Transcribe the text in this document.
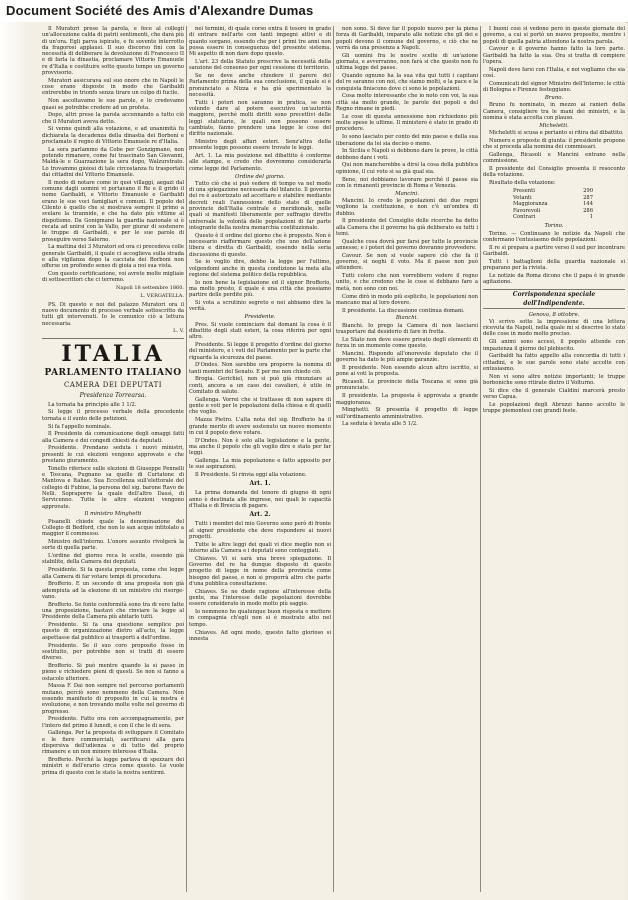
Document Société des Amis d'Alexandre Dumas

Il Muratori prese la parola, e fece al collegii un'allocuzione calda di patrii sentimenti, che darà più di un'ora. Egli parva ispirato, e fu sovente interrotto da fragorosi applausi. Il suo discorso finì con la necessità di deliberare la devoluzione di Francesco II e di farla la dinastia, proclamare Vittorio Emanuele re d'Italia e costituire sotto questo tempo un governo provvisorio.

Muratori assicurava sul suo onore che in Napoli le cose erano disposte in modo che Garibaldi entrerebbe in trionfo senza tirare un colpo di fucile.

Non ascoltavamo le sue parole, e lo credevamo quasi se potrebbe credere ad un profeta.

Dopo, altri prese la parola accennando a tutto ciò che il Muratori aveva detto.

Si venne quindi alla votazione, e ad unanimità fu dichiarata la decadenza della dinastia dei Borboni e proclamato il regno di Vittorio Emanuele re d'Italia.

La sera parlammo da Cobe per Gonzigmano, non potendo rimanere, come fui trascinato San Giovanni, Maldà-le e Guarzazione la sera dopo, Walzurstrato. Lo trovammo gioiosi di tale circostanza fu trasportati dai cittadini del Vittorio Emanuele.

Il modo di notare come in quei villaggi, aegazi dal comune dagli uomini vi portavano il Re e il grido il nome Garibaldi, e Vittorio Emanuele e Garibaldi erano le sue voci famigliari e comuni. Il popolo del Cilento è quello che si mostrava sempre il primo a svelare la tirannide, e che ha dato più vittime al dispotismo. Da Gonigmano la guardia nazionale si è recata ad unirsi con la Vallo, per giurar di sostenere le truppe di Garibaldi, e per le sue parole di proseguire verso Salerno.

La mattina del 3 Muratori ed ora ci precedeva colle generale Garibaldi, il quale ci accoglieva sulla strada e alla vigilanza dopo la cacciata dei Borboni non offerse un profondo senso di gioia a noi sua vista.

Con questo certificazione, voi avrete molte migliaie di sottoscrittori che ci terremo.

Napoli 18 settembre 1860.
L. VERGATELLA.

PS. Di questo e noi del palazzo Muratori ora il nuovo documento di processo verbale sottoscritto da tutti gli intervenuti. Io le comunico ciò a lettura necessaria.

L. V.
ITALIA
PARLAMENTO ITALIANO
CAMERA DEI DEPUTATI
Presidenza Torrearsa.

La tornata ha principio alle 1 1/2.

Si legge il processo verbale della precedente tornata e il sunto delle petizioni.

Si fa l'appello nominale.

Il Presidente dà comunicazione degli omaggi fatti alla Camera e dei congedi chiesti da deputati.

Presidente. Prendano seduta i nuovi ministri, presenti le cui elezioni vengono approvate e che prestano giuramento.

Tonello riferisce sulle elezioni di Giuseppe Pennelli e Toscana, Pugnano sa quelle di Curtatone di Mantova e Italiae. Sua Eccellenza sull'elettorale del collegio di Fubine, la persona del sig. barone Ravo de Nelli. Sopraporre la quale dell'altro Dassì, di Servicenno. Tutte le altre elezioni vengono approvate.

Il ministro Minghetti

Pisanelli chiede quale la denominazione del Collegio di Bedford, che non lo san acque intitolato a maggior il commesso.

Ministro dell'interno. L'onore assunto rivolgerà la sorte di quella parte.

L'ordine del giorno reca le scelte, essendo già stabilite, della Camera dei deputati.

Presidente. Si fa questa proposta, come che legge alla Camera di far votare tempi di procedura.

Brofferio. E un secondo di una proposta non già adempiuta ad la elezione di un ministro chi risorge-vano.

Brofferio. Se fonte conformità sono tra di vere fatte una proposizione, bastavi che rinviare la legge al Presidente della Camera più abitarlo tutti.

Presidente. Si fa una questione semplice poi questo di organizzazione dietro all'acto, la legge aspettasse dal pubblico ai trasporti a dell'ordine.

Presidente. Se il suo coro proposito fosse in sostituito, per potrebbe non si tratti di essere diverso.

Brofferio. Si può mentre quando la si passe in pieno e richiedere pieni di questi. Se non si fanno a ostacolo ulteriore.

Massa F. Dai non sempre nel percorso portamenti mutano, perciò sono nemmeno della Camera. Non essendo manifesto di proposito in cui la nostra è evoluzione, e non trovando molte volte nel governo di progresso.

Presidente. Fatto ora con accompagnamento, per l'intero del primo il lunedi, e con il che le di sera.

Gallenga. Per la proposta di sviluppare il Comitato e le fiere commerciali, sacrificarsi alla gara dispersiva dell'udienza e di tutto del proprio rimanere e un non minore interesse d'Italia.

Brofferio. Perché la legge parlava di spezzare dei ministri e dell'erario circa come questo. Le vuole prima di questo con le stato la nostra sentirmi.

nei termini, di quale corso entra il tesoro in grado di entrare nell'arte con tanti impegni attivi e di quanto sorgano, essendo che per i primi tre anni non possa essere in conseguenza del presente sistema. Mi aspetto di non dare dopo questo.

L'art. 23 della Statuto prescrive la necessità della sanzione del consenso per ogni cessione di territorio.

Se ne deve anche chiedere il parere del Parlamento prima della sua conclusione, il quale si è pronunciato a Nizza e ha già sperimentato la necessità.

Tutti i poteri non saranno in pratica, se non volendo dare al potere esecutivo un'autorità maggiore, perché molti diritti sono precettivi delle leggi statutarie, le quali non possono essere cambiate, fanno prendere una legge le cose del diritto nazionale.

Ministro degli affari esteri. Senz'altra della presente legge possono essere trovate le leggi.

Art. 1. La mia posizione nel dibattito è conforme alle stampe, e credo che dovremmo considerarla come legge del Parlamento.

Ordine del giorno.

Tutto ciò che si può vedere di tempo va nel modo di una spiegazione necessaria del bilancio. Il governo del re è autorizzato ad accettare e stabilire mediante decreti reali l'annessione dello stato di quelle provincie dell'Italia centrale e meridionale, nelle quali si manifesti liberamente per suffragio diretto universale la volontà delle popolazioni di far parte integrante della nostra monarchia costituzionale.

Questo è il ordine del giorno che è proposto. Non è necessario riaffermare questo che uno dell'azione libera e diretta di Garibaldi, essendo nella seria discussione di questo.

Se io voglio dire, debbo la legge per l'ultimo, volgendomi anche in questa condizione la meta alla regione del sistema politico della repubblica.

Io non bene la legislazione ed il signor Brofferio, ma molto presto, il quale è una città che possiamo partire delle perdite più.

Si vota a scrutinio segreto e noi abbiamo dire la verità.

Presidente.

Pres. Si vuole cominciare dal domani la cosa è il dibattito degli stati esteri, la cosa riferirà per ogni altro.

Presidente. Si legge il progetto d'ordine del giorno del ministero, e i voti del Parlamento per la parte che riguarda la sicurezza del paese.

D'Ondes. Non sarebbe ora proporre la nomina di tanti membri del Senato. E per me non chiedo ciò.

Brogia. Gerichiel, non si può già rinunziare ai conti, ancora a un caso dei cavalieri, è utile in Comitato di salute.

Gallenga. Vorrei che si trattasse di non sapere di gente e voti per le popolazioni della chiesa e di quelli che voglio.

Mazza Pietro. L'alta nota del sig. Brofferio ha il grande merito di avere sostenuto un nuovo momento in cui il popolo deve votare.

D'Ondes. Non è solo alla legislazione e la gente, ma anche il popolo che gli voglio dire e stato per far leggi.

Gallenga. La mia popolazione e fatto apposito per le sue aspirazioni.

Il Presidente. Si rinvia oggi alla votazione.

Art. 1.

La prima domanda del tenore di giugno di ogni anno è destinata alle imprese, nei quali le capacità d'Italia e di Brescia di pagare.

Art. 2.

Tutti i membri del mio Governo sono però di fronte al signor presidente che deve rispondere ai nuovi progetti.

Tutte le altre leggi dei quali vi dice meglio non si interno alla Camera e i deputati sono conteggiati.

Chiaves. Vi si sarà una breve spiegazione. Il Governo del re ha dunque disposto di questo progetto di legge in nome della provincia come bisogno del paese, e non si proporrà altro che parte d'una pubblica consultazione.

Chiaves. Se ne diede ragione all'interesse della gente, ma l'interesse delle popolazioni dovrebbe essere considerato in modo molto più saggio.

Io nemmeno ho qualunque buon risposta o mettere in compagnia ch'egli non si è mostrato atto nel tempo.

Chiaves. Ad ogni modo, questo fatto glorioso si innesta

non sono. Si deve far il popolo nuovo per la piena forza di Garibaldi, imparato alle notizie che gli dei e popoli devono il comune del governo, e ciò che ne verrà da una presenza a Napoli.

Gli uomini fra le nostre scelte di un'azione giornata, e avverranno, non farà si che questo non fu ultima legge del paese.

Quando ognuno ha la sua vita qui tutti i capitani del re saranno con noi, che siamo molti, e la pace e la conquista finiscono dove ci sono le popolazioni.

Cosa molto interessante che io noto con voi, la sua città sia molto grande, le parole dei popoli e del Regno rimane in piedi.

Le cose di questa annessione non richiedono più molte spese le ultime. Il ministero è stato in grado di procedere.

Io sono lasciato per conto del mio paese e della sua liberazione da lei sia deciso o meno.

In Sicilia e Napoli si debbono dare le prove, le città debbono dare i voti.

Qui non mancherebbe a dirsi la cosa della pubblica opinione, il cui voto si sa già qual sia.

Bene, noi dobbiamo lavorare perché il paese sia con le rimanenti provincie di Roma e Venezia.

Mancini.

Mancini. Io credo le popolazioni dei due regni vogliono la costituzione, e non c'è un'ombra di dubbio.

Il presidente del Consiglio delle ricerche ha detto alla Camera che il governo ha già deliberato su tutti i temi.

Qualche cosa dovrà pur farsi per tutte le provincie annesse; e i poteri del governo dovranno provvedere.

Cavour. Se non si vuole sapere ciò che fa il governo, si neghi il voto. Ma il paese non può attendere.

Tutti coloro che non vorrebbero vedere il regno unito, e che credono che le cose si debbano fare a metà, non sono con noi.

Come dirò in modo più esplicito, le popolazioni non mancano mai al loro dovere.

Il presidente. La discussione continua domani.

Bianchi.

Bianchi. Io prego la Camera di non lasciarsi trasportare dal desiderio di fare in fretta.

Lo Stato non deve essere privato degli elementi di forza in un momento come questo.

Mancini. Rispondo all'onorevole deputato che il governo ha dato le più ampie garanzie.

Il presidente. Non essendo alcun altro iscritto, si pone ai voti la proposta.

Ricasoli. Le provincie della Toscana si sono già pronunciate.

Il presidente. La proposta è approvata a grande maggioranza.

Minghetti. Si presenta il progetto di legge sull'ordinamento amministrativo.

La seduta è levata alle 5 1/2.

I buoni così si vedono però in queste giornate del governo, a cui si portò un nuovo proposito, mentre i popoli di quella patria attendono la nostra parola.

Cavour e il governo hanno fatto la loro parte. Garibaldi ha fatto la sua. Ora si tratta di compiere l'opera.

Napoli deve farsi con l'Italia, e noi vogliamo che sia così.

Comunicati del signor Ministro dell'Interno: le città di Bologna e Firenze festeggiano.

Bruno.

Bruno fu nominato, in mezzo ai ranieri della Camera, consigliere tra le mani dei ministri, e la nomina è stata accolta con plauso.

Micheletti.

Micheletti si scusa e pertanto si ritira dal dibattito.

Numero e proposte di giunta: il presidente propone che si proceda alla nomina dei commissari.

Gallenga, Ricasoli e Mancini entrano nella commissione.

Il presidente del Consiglio presenta il resoconto della votazione.

Risultato della votazione:

Presenti	290
Votanti	287
Maggioranza	144
Favorevoli	286
Contrari	1
Torino.

Torino. — Continuano le notizie da Napoli che confermano l'entusiasmo delle popolazioni.

Il re si prepara a partire verso il sud per incontrare Garibaldi.

Tutti i battaglioni della guardia nazionale si preparano per la rivista.

Le notizie da Roma dicono che il papa è in grande agitazione.

Corrispondenza speciale dell'Indipendente.
Genova, 8 ottobre.

Vi scrivo sotto la impressione di una lettera ricevuta da Napoli, nella quale mi si descrive lo stato delle cose in modo molto preciso.

Gli animi sono accesi, il popolo attende con impazienza il giorno del plebiscito.

Garibaldi ha fatto appello alla concordia di tutti i cittadini, e le sue parole sono state accolte con entusiasmo.

Non vi sono altre notizie importanti; le truppe borboniche sono ritirate dietro il Volturno.

Si dice che il generale Cialdini marcerà presto verso Capua.

Le popolazioni degli Abruzzi hanno accolto le truppe piemontesi con grandi feste.
